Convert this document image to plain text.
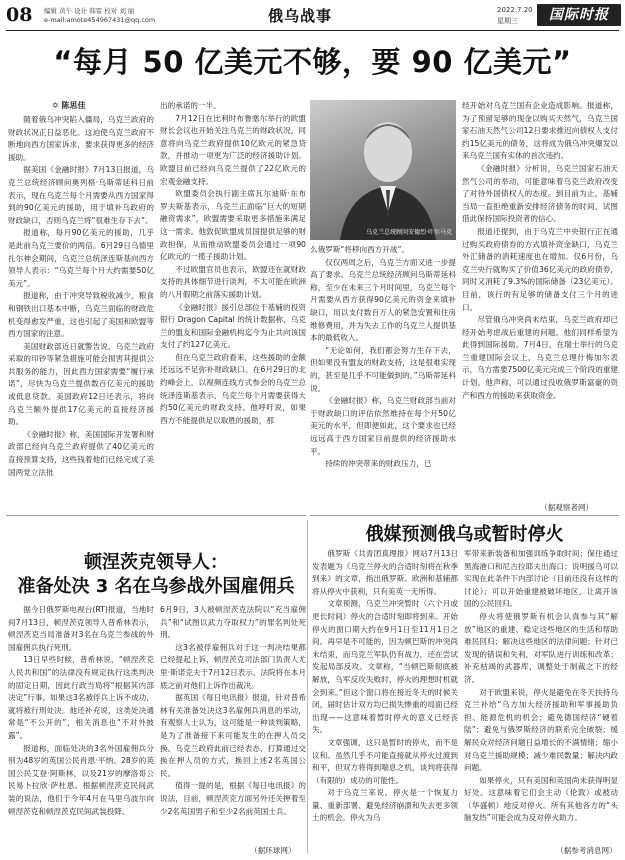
08 编辑 黄午 设计 韩雷 校对 刘 丽
e-mail:amote454967431@qq.com	俄乌战事	2022.7.20
星期三	国际时报
“每月 50 亿美元不够，要 90 亿美元”
✡ 陈思佳

随着俄乌冲突陷入僵局，乌克兰政府的财政状况正日益恶化。这迫使乌克兰政府不断地向西方国家诉求，要求获得更多的经济援助。

据美国《金融时报》7月13日报道，乌克兰总统经济顾问奥列格·乌斯蒂延科日前表示，现在乌克兰每个月需要从西方国家得到的90亿美元的援助，用于填补乌政府的财政缺口，否则乌克兰将“很难生存下去”。

报道称，每月90亿美元的援助，几乎是此前乌克兰要价的两倍。6月29日乌德里扎尔神会期间，乌克兰总统泽连斯基向西方领导人表示：“乌克兰每个月大约需要50亿美元”。

报道称，由于冲突导致税收减少，粮食和钢铁出口基本中断，乌克兰面临的财政危机变得愈发严重，这也引起了美国和欧盟等西方国家的注意。

美国财政部近日就警告说，乌克兰政府采取的印钞等紧急措施可能会损害其提供公共服务的能力，因此西方国家需要“履行承诺”，尽快为乌克兰提供数百亿美元的援助或低息贷款。美国政府12日还表示，将向乌克兰额外提供17亿美元的直接经济援助。

《金融时报》称，美国国际开发署和财政部已经向乌克兰政府提供了40亿美元的直接预算支持，这些钱着他们已经完成了美国两党立法批

出的承诺的一半。

7月12日在比利时布鲁塞尔举行的欧盟财长会议也开始关注乌克兰的财政状况，同意将向乌克兰政府提供10亿欧元的紧急贷款，并推动一项更为广泛的经济援助计划。欧盟目前已经向乌克兰提供了22亿欧元的宏观金融支持。

欧盟委员会执行副主席瓦尔迪斯·东布罗夫斯基表示，乌克兰正面临“巨大的短期融资需求”，欧盟需要采取更多措施来满足这一需求。他敦促欧盟成员国提供足够的财政担保，从而推动欧盟委员会通过一项90亿欧元的一揽子援助计划。

不过欧盟官员也表示，欧盟还在就财政支持的具体细节进行谈判，不太可能在欧洲的八月假期之前落实援助计划。

《金融时报》援引总部位于基辅的投资银行 Dragon Capital 的统计数据称，乌克兰的盟友和国际金融机构迄今为止共向该国支付了约127亿美元。

但在乌克兰政府看来，这些援助的金额还远远不足弥补财政缺口。在6月29日的北约峰会上，以视频连线方式参会的乌克兰总统泽连斯基表示，乌克兰每个月需要获得大约50亿美元的财政支持。他呼吁说，如果西方不能提供足以取胜的援助，那

乌克兰总统顾问安德烈·叶尔马克

么俄罗斯“将移向西方开战”。

仅仅两周之后，乌克兰方面又进一步提高了要求。乌克兰总统经济顾问乌斯蒂延科称，至少在未来三个月时间里，乌克兰每个月需要从西方获得90亿美元的资金来填补缺口，用以支付数百万人的紧急安置和住房维修费用，并为失去工作的乌克兰人提供基本的最低收入。

“无论如何，我们都会努力生存下去，但如果没有盟友的财政支持，这是很难实现的，甚至是几乎不可能做到的。”乌斯蒂延科说。

《金融时报》称，乌克兰财政部当前对于财政缺口的评估依然维持在每个月50亿美元的水平，但即便如此，这个要求也已经远远高于西方国家目前提供的经济援助水平。

持续的冲突带来的财政压力，已

经开始对乌克兰国有企业造成影响。报道称，为了预留足够的现金以购买天然气，乌克兰国家石油天然气公司12日要求推迟向债权人支付约15亿美元的债务，这将成为俄乌冲突爆发以来乌克兰国有实体的首次违约。

《金融时报》分析说，乌克兰国家石油天然气公司的举动，可能意味着乌克兰政府改变了对待外国债权人的态度。到目前为止，基辅当局一直拒绝重新安排经济债务的时间，试图借此保持国际投资者的信心。

报道还提到，由于乌克兰中央银行正在通过购买政府债券的方式填补资金缺口，乌克兰外汇储备的消耗速度也在增加。仅6月份，乌克兰央行就购买了价值36亿美元的政府债券，同时又消耗了9.3%的国际储备（23亿美元）。目前，该行的有足够的储备支付三个月的进口。

尽管俄乌冲突尚未结束，乌克兰政府却已经开始考虑战后重建的问题。他们同样希望为此得到国际援助。7月4日，在瑞士举行的乌克兰重建国际会议上，乌克兰总理什梅加尔表示，乌方需要7500亿美元完成三个阶段的重建计划。他声称，可以通过没收俄罗斯富豪的资产和西方的援助来获取资金。

（据观察者网）
顿涅茨克领导人：
准备处决 3 名在乌参战外国雇佣兵

据今日俄罗斯电视台(RT)报道，当地时间7月13日，顿涅茨克领导人普希林表示，顿涅茨克当局准备对3名在乌克兰参战的外国雇佣兵执行死刑。

13日早些时候，普希林说，“顿涅茨克人民共和国”的法律没有规定执行这类判决的固定日期，因此行政当局将“根据其内部决定”行事。如果这3名被俘兵上诉不成功，就将被行刑处决。他还补充说，这类处决通常是“不公开的”，相关消息也“不对外披露”。

报道称，面临处决的3名外国雇佣兵分别为48岁的英国公民肖恩·平纳、28岁的英国公民艾登·阿斯林，以及21岁的摩洛哥公民易卜拉欣·萨杜恩。根据顿涅茨克民间武装的说法，他们于今年4月在马里乌波尔向顿涅茨克和顿涅茨克民间武装投降。

6月9日，3人被顿涅茨克法院以“充当雇佣兵”和“试图以武力夺取权力”的罪名判处死刑。

这3名被俘雇佣兵对于这一判决结果都已经提起上诉，顿涅茨克司法部门负责人尤里·斯诺克夫于7月12日表示，法院将在本月底之前对他们上诉作出裁决。

据英国《每日电讯报》报道，针对普希林有关准备处决这3名雇佣兵消息的举动，有观察人士认为，这可能是一种谈判策略，是为了准备接下来可能发生的在押人员交换。乌克兰政府此前已经表态，打算通过交换在押人员的方式，换回上述2名英国公民。

值得一提的是，根据《每日电讯报》的说法，目前，顿涅茨克方面另外还关押着至少2名英国男子和至少2名前英国士兵。

（据环球网）
俄媒预测俄乌或暂时停火

俄罗斯《共青团真理报》网站7月13日发表题为《乌克兰停火的合适时刻将在秋季到来》的文章，指出俄罗斯、欧洲和基辅都将从停火中获利，只有美英一无所得。

文章预测，乌克兰冲突暂时（六个月或更长时间）停火的合适时刻即将到来。开始停火的窗口期大约在9月1日至11月1日之间。再早是不可能的，因为顿巴斯的冲突尚未结束，而乌克兰军队仍有战力，还在尝试发起局部反攻。文章称，“当顿巴斯彻底被解放，乌军反攻失败时，停火的理想时机就会到来。”但这个窗口将在接近冬天的时候关闭，届时估计双方均已损失惨重的局面已经出现——这意味着暂时停火的意义已经丧失。

文章强调，这只是暂时的停火，而不是议和。虽然几乎不可能直接就从停火过渡到和平，但双方将得到喘息之机，谈判将获得（有限的）成功的可能性。

对于乌克兰来说，停火是一个恢复力量、重新部署、避免经济崩溃和失去更多领土的机会。停火为乌

军带来新装备和加强训练争取时间；保住通过黑海港口和尼古拉耶夫出海口；说明援乌可以实现在此条件下内部讨论（目前还没有这样的讨论）；可以开始重建被破坏地区，让离开该国的公民回归。

停火将使俄罗斯有机会认真参与其“解放”地区的重建、稳定这些地区的生活和帮助难民回归；解决这些地区的法律问题；针对已发现的错误和失利，对军队进行训练和改革；补充枯竭的武器库，调整处于制裁之下的经济。

对于欧盟来说，停火是避免在冬天扶持乌克兰补给“乌方加大经济援助和军事援助负担、能源危机的机会；避免德国经济“硬着陆”；避免与俄罗斯经济的联系完全破裂；缓解民众对经济问题日益增长的不满情绪；缩小对乌克兰援助规模；减少难民数量；解决内政问题。

如果停火，只有美国和英国尚未获得明显好处。这意味着它们会主动（伦敦）或被动（华盛顿）地反对停火。所有其他各方的“头脑发热”可能会成为反对停火助力。

（据参考消息网）
